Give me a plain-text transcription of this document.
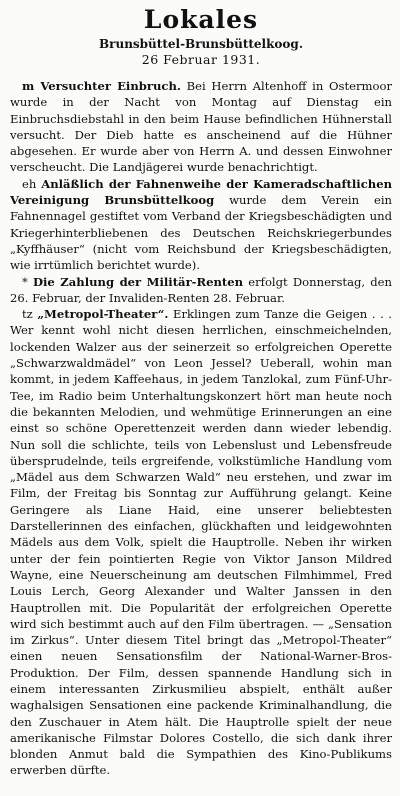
Lokales

Brunsbüttel-Brunsbüttelkoog.

26 Februar 1931.

m Versuchter Einbruch. Bei Herrn Altenhoff in Ostermoor wurde in der Nacht von Montag auf Dienstag ein Einbruchsdiebstahl in den beim Hause befindlichen Hühnerstall versucht. Der Dieb hatte es anscheinend auf die Hühner abgesehen. Er wurde aber von Herrn A. und dessen Einwohner verscheucht. Die Landjägerei wurde benachrichtigt.

eh Anläßlich der Fahnenweihe der Kameradschaftlichen Vereinigung Brunsbüttelkoog wurde dem Verein ein Fahnennagel gestiftet vom Verband der Kriegsbeschädigten und Kriegerhinterbliebenen des Deutschen Reichskriegerbundes „Kyffhäuser“ (nicht vom Reichsbund der Kriegsbeschädigten, wie irrtümlich berichtet wurde).

* Die Zahlung der Militär-Renten erfolgt Donnerstag, den 26. Februar, der Invaliden-Renten 28. Februar.

tz „Metropol-Theater“. Erklingen zum Tanze die Geigen . . . Wer kennt wohl nicht diesen herrlichen, einschmeichelnden, lockenden Walzer aus der seinerzeit so erfolgreichen Operette „Schwarzwaldmädel“ von Leon Jessel? Ueberall, wohin man kommt, in jedem Kaffeehaus, in jedem Tanzlokal, zum Fünf-Uhr-Tee, im Radio beim Unterhaltungskonzert hört man heute noch die bekannten Melodien, und wehmütige Erinnerungen an eine einst so schöne Operettenzeit werden dann wieder lebendig. Nun soll die schlichte, teils von Lebenslust und Lebensfreude übersprudelnde, teils ergreifende, volkstümliche Handlung vom „Mädel aus dem Schwarzen Wald“ neu erstehen, und zwar im Film, der Freitag bis Sonntag zur Aufführung gelangt. Keine Geringere als Liane Haid, eine unserer beliebtesten Darstellerinnen des einfachen, glückhaften und leidgewohnten Mädels aus dem Volk, spielt die Hauptrolle. Neben ihr wirken unter der fein pointierten Regie von Viktor Janson Mildred Wayne, eine Neuerscheinung am deutschen Filmhimmel, Fred Louis Lerch, Georg Alexander und Walter Janssen in den Hauptrollen mit. Die Popularität der erfolgreichen Operette wird sich bestimmt auch auf den Film übertragen. — „Sensation im Zirkus“. Unter diesem Titel bringt das „Metropol-Theater“ einen neuen Sensationsfilm der National-Warner-Bros-Produktion. Der Film, dessen spannende Handlung sich in einem interessanten Zirkusmilieu abspielt, enthält außer waghalsigen Sensationen eine packende Kriminalhandlung, die den Zuschauer in Atem hält. Die Hauptrolle spielt der neue amerikanische Filmstar Dolores Costello, die sich dank ihrer blonden Anmut bald die Sympathien des Kino-Publikums erwerben dürfte.
